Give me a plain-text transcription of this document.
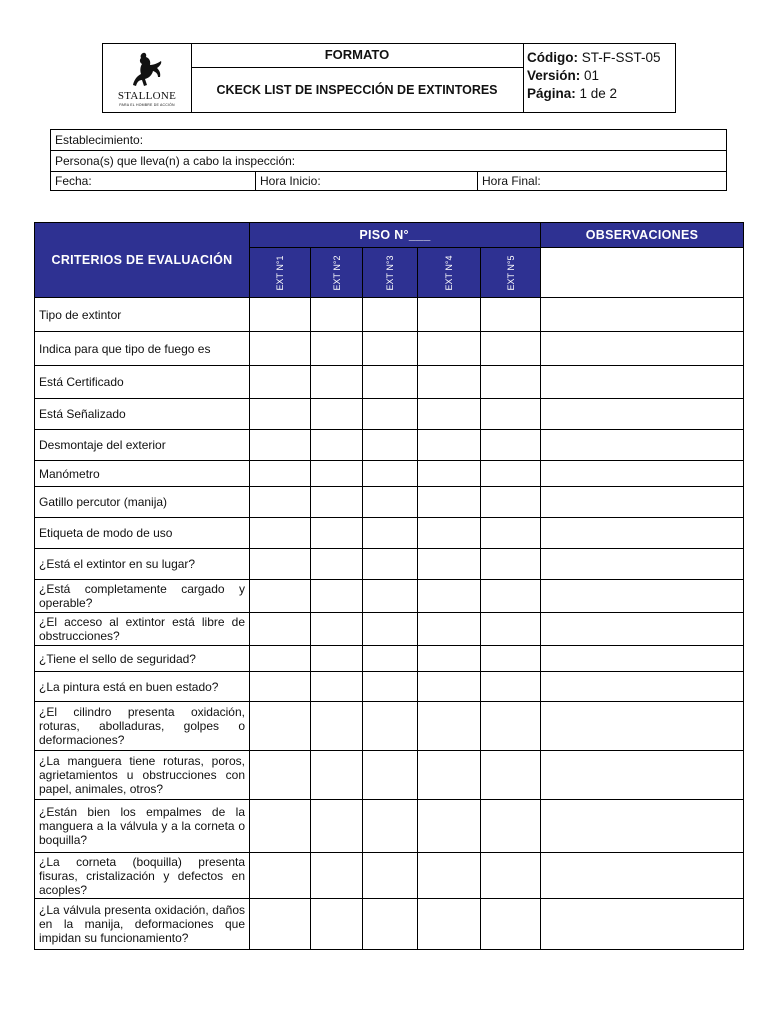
STALLONE
PARA EL HOMBRE DE ACCIÓN
FORMATO
CKECK LIST DE INSPECCIÓN DE EXTINTORES
Código: ST-F-SST-05
Versión: 01
Página: 1 de 2
Establecimiento:
Persona(s) que lleva(n) a cabo la inspección:
Fecha:	Hora Inicio:	Hora Final:
CRITERIOS DE EVALUACIÓN	PISO N°___					OBSERVACIONES

	EXT N°1	EXT N°2	EXT N°3	EXT N°4	EXT N°5	

Tipo de extintor						
Indica para que tipo de fuego es						
Está Certificado						
Está Señalizado						
Desmontaje del exterior						
Manómetro						
Gatillo percutor (manija)						
Etiqueta de modo de uso						
¿Está el extintor en su lugar?						
¿Está completamente cargado y operable?						
¿El acceso al extintor está libre de obstrucciones?						
¿Tiene el sello de seguridad?						
¿La pintura está en buen estado?						
¿El cilindro presenta oxidación, roturas, abolladuras, golpes o deformaciones?						
¿La manguera tiene roturas, poros, agrietamientos u obstrucciones con papel, animales, otros?						
¿Están bien los empalmes de la manguera a la válvula y a la corneta o boquilla?						
¿La corneta (boquilla) presenta fisuras, cristalización y defectos en acoples?						
¿La válvula presenta oxidación, daños en la manija, deformaciones que impidan su funcionamiento?						
